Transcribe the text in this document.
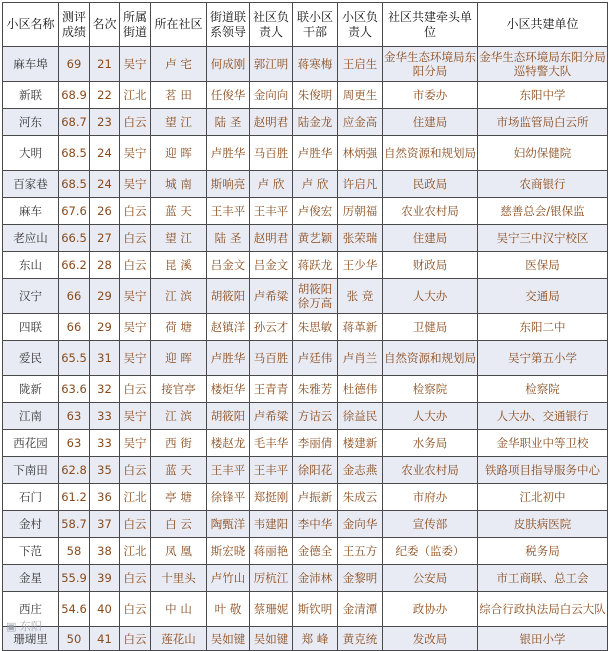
小区名称	测评成绩	名次	所属街道	所在社区	街道联系领导	社区负责人	联小区干部	小区负责人	社区共建牵头单位	小区共建单位
麻车埠	69	21	吴宁	卢 宅	何成刚	郭江明	蒋寒梅	王启生	金华生态环境局东阳分局	金华生态环境局东阳分局巡特警大队
新联	68.9	22	江北	茗 田	任俊华	金向向	朱俊明	周更生	市委办	东阳中学
河东	68.7	23	白云	望 江	陆 圣	赵明君	陆金龙	应金高	住建局	市场监管局白云所
大明	68.5	24	吴宁	迎 晖	卢胜华	马百胜	卢胜华	林炳强	自然资源和规划局	妇幼保健院
百家巷	68.5	24	吴宁	城 南	斯响亮	卢 欣	卢 欣	许启凡	民政局	农商银行
麻车	67.6	26	白云	蓝 天	王丰平	王丰平	卢俊宏	厉朝福	农业农村局	慈善总会/银保监
老应山	66.5	27	白云	望 江	陆 圣	赵明君	黄艺颖	张荣瑞	住建局	吴宁三中汉宁校区
东山	66.2	28	白云	昆 溪	吕金文	吕金文	蒋跃龙	王少华	财政局	医保局
汉宁	66	29	吴宁	江 滨	胡筱阳	卢希粱	胡筱阳徐万高	张 竞	人大办	交通局
四联	66	29	吴宁	荷 塘	赵镇洋	孙云才	朱思敏	蒋革新	卫健局	东阳二中
爱民	65.5	31	吴宁	迎 晖	卢胜华	马百胜	卢廷伟	卢肖兰	自然资源和规划局	吴宁第五小学
陇新	63.6	32	白云	接官亭	楼炬华	王青青	朱雅芳	杜德伟	检察院	检察院
江南	63	33	吴宁	江 滨	胡筱阳	卢希粱	方诘云	徐益民	人大办	人大办、交通银行
西花园	63	33	吴宁	西 街	楼赵龙	毛丰华	李丽倩	楼建新	水务局	金华职业中等卫校
下南田	62.8	35	白云	蓝 天	王丰平	王丰平	徐阳花	金志燕	农业农村局	铁路项目指导服务中心
石门	61.2	36	江北	亭 塘	徐锋平	郑挺刚	卢振新	朱成云	市府办	江北初中
金村	58.7	37	白云	白 云	陶甄洋	韦建阳	李中华	金向华	宣传部	皮肤病医院
下范	58	38	江北	凤 凰	斯宏晓	蒋丽艳	金德全	王五方	纪委（监委）	税务局
金星	55.9	39	白云	十里头	卢竹山	厉杭江	金沛林	金黎明	公安局	市工商联、总工会
西庄	54.6	40	白云	中 山	叶 敬	蔡珊妮	斯钦明	金清潭	政协办	综合行政执法局白云大队
珊瑚里	50	41	白云	莲花山	吴如键	吴如键	郑 峰	黄克统	发改局	银田小学
▣ 东阳
